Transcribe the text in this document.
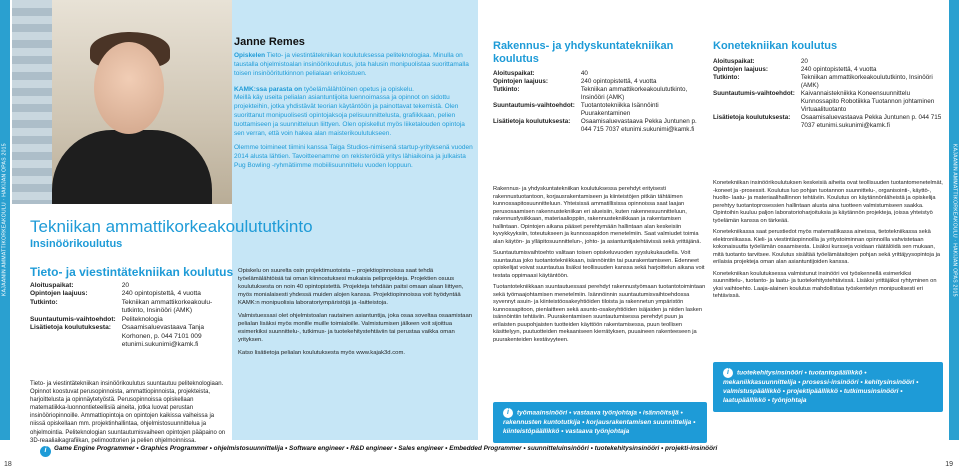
KAJAANIN AMMATTIKORKEAKOULU · HAKIJAN OPAS 2015	KAJAANIN AMMATTIKORKEAKOULU · HAKIJAN OPAS 2015
Tekniikan ammattikorkeakoulututkinto
Insinöörikoulutus
Tieto- ja viestintätekniikan koulutus
Aloituspaikat:	20
Opintojen laajuus:	240 opintopistettä, 4 vuotta
Tutkinto:	Tekniikan ammattikorkeakoulu-tutkinto, Insinööri (AMK)
Suuntautumis-vaihtoehdot: Peliteknologia
Lisätietoja koulutuksesta:	Osaamisaluevastaava Tanja Korhonen, p. 044 7101 009 etunimi.sukunimi@kamk.fi

Tieto- ja viestintätekniikan insinöörikoulutus suuntautuu peliteknologiaan. Opinnot koostuvat perusopinnoista, ammattiopinnoista, projekteista, harjoittelusta ja opinnäytetyöstä. Perusopinnoissa opiskellaan matematiikka-luonnontieteellisiä aineita, jotka luovat perustan insinööriopinnoille. Ammattiopintoja on opintojen kaikissa vaiheissa ja niissä opiskellaan mm. projektinhallintaa, ohjelmistosuunnittelua ja ohjelmointia. Peliteknologian suuntautumisvaiheen opintojen pääpaino on 3D-reaaliaikagrafiikan, pelimoottorien ja pelien ohjelmoinnissa.

Janne Remes

Opiskelen Tieto- ja viestintätekniikan koulutuksessa peliteknologiaa. Minulla on taustalla ohjelmistoalan insinöörikoulutus, jota halusin monipuolistaa suorittamalla toisen insinööritutkinnon pelialaan erikoistuen.

KAMK:ssa parasta on työelämälähtöinen opetus ja opiskelu.

Meillä käy useita pelialan asiantuntijoita luennoimassa ja opinnot on sidottu projekteihin, jotka yhdistävät teorian käytäntöön ja painottavat tekemistä. Olen suorittanut monipuolisesti opintojaksoja pelisuunnittelusta, grafiikkaan, pelien tuottamiseen ja suunnitteluun liittyen. Olen opiskellut myös liiketalouden opintoja sen verran, että voin hakea alan maisterikoulutukseen.

Olemme toimineet tiimini kanssa Taiga Studios-nimisenä startup-yrityksenä vuoden 2014 alusta lähtien. Tavoitteenamme on rekisteröidä yritys lähiaikoina ja julkaista Pug Bowling -ryhmätiimme mobiilisuunnittelu vuoden loppuun.

Opiskelu on suurelta osin projektimuotoista – projektiopinnoissa saat tehdä työelämälähtöisiä tai oman kiinnostuksesi mukaisia peliprojekteja. Projektien osuus koulutuksesta on noin 40 opintopistettä. Projekteja tehdään paitsi omaan alaan liittyen, myös monialaisesti yhdessä muiden alojen kanssa. Projektiopinnoissa voit hyödyntää KAMK:n monipuolisia laboratoriympäristöjä ja -laitteistoja.

Valmistuessasi olet ohjelmistoalan rautainen asiantuntija, joka osaa soveltaa osaamistaan pelialan lisäksi myös monille muille toimialoille. Valmistumisen jälkeen voit sijoittua esimerkiksi suunnittelu-, tutkimus- ja tuotekehitystehtäviin tai perustaa vaikka oman yrityksen.

Katso lisätietoja pelialan koulutuksesta myös www.kajak3d.com.

Rakennus- ja yhdyskuntatekniikan koulutus
Aloituspaikat:	40
Opintojen laajuus:	240 opintopistettä, 4 vuotta
Tutkinto:	Tekniikan ammattikorkeakoulututkinto, Insinööri (AMK)
Suuntautumis-vaihtoehdot: Tuotantotekniikka Isännöinti Puurakentaminen
Lisätietoja koulutuksesta:	Osaamisaluevastaava Pekka Juntunen p. 044 715 7037 etunimi.sukunimi@kamk.fi

Rakennus- ja yhdyskuntatekniikan koulutuksessa perehdyt erityisesti rakennustuotantoon, korjausrakentamiseen ja kiinteistöjen pitkän tähtäimen kunnossapitosuunnitteluun. Yhteisissä ammatillisissa opinnoissa saat laajan perusosaamisen rakennustekniikan eri alueisiin, kuten rakennesuunnitteluun, rakennusfysiikkaan, materiaalioppiin, rakennustekniikkaan ja rakentamisen hallintaan. Opintojen aikana pääset perehtymään hallintaan alan keskeisiin kyvykkyyksiin, toteutukseen ja kunnossapidon menetelmiin. Saat valmiudet toimia alan käytön- ja ylläpitosuunnittelun-, johto- ja asiantuntijatehtävissä sekä yrittäjänä.

Suuntautumisvaihtoehto valitaan toisen opiskeluvuoden syyslukukaudella. Voit suuntautua joko tuotantotekniikkaan, isännöintiin tai puurakentamiseen. Edenneet opiskelijat voivat suuntautua lisäksi teollisuuden kanssa sekä harjoittelun aikana voit testata oppimaasi käytäntöön.

Tuotantotekniikkaan suuntautuessasi perehdyt rakennustyömaan tuotantotoimintaan sekä työmaajohtamisen menetelmiin. Isännöinnin suuntautumisvaihtoehdossa syvennyt asuin- ja kiinteistöosakeyhtiöiden tiloista ja rakennetun ympäristön kunnossapitoon, pienlaitteen sekä asunto-osakeyhtiöiden isäjaiden ja niiden lasken isännöintiin tehtäviin. Puurakentamisen suuntautumisessa perehdyt puun ja erilaisten puupohjaisten tuotteiden käyttöön rakentamisessa, puun teollisen käsittelyyn, puutuotteiden mekaaniseen kierrätyksen, puuaineen rakenteeseen ja puurakenteiden kestävyyteen.

i työmaainsinööri • vastaava työnjohtaja • isännöitsijä • rakennusten kuntotutkija • korjausrakentamisen suunnittelija • kiinteistöpäällikkö • vastaava työnjohtaja
Konetekniikan koulutus
Aloituspaikat:	20
Opintojen laajuus:	240 opintopistettä, 4 vuotta
Tutkinto:	Tekniikan ammattikorkeakoulututkinto, Insinööri (AMK)
Suuntautumis-vaihtoehdot: Kaivannaistekniikka Koneensuunnittelu Kunnossapito Robotiikka Tuotannon johtaminen Virtuaalituotanto
Lisätietoja koulutuksesta:	Osaamisaluevastaava Pekka Juntunen p. 044 715 7037 etunimi.sukunimi@kamk.fi

Konetekniikan insinöörikoulutuksen keskeisiä aiheita ovat teollisuuden tuotantomenetelmät, -koneet ja -prosessit. Koulutus luo pohjan tuotannon suunnittelu-, organisointi-, käyttö-, huolto- laatu- ja materiaalihallinnon tehtäviin. Koulutus on käytännönläheistä ja opiskelija perehtyy tuotantoprosessien hallintaan alusta aina tuotteen valmistumiseen saakka. Opintoihin kuuluu paljon laboratorioharjoituksia ja käytännön projekteja, joissa yhteistyö työelämän kanssa on tärkeää.

Konetekniikassa saat perustiedot myös matematiikassa aineissa, tietotekniikassa sekä elektroniikassa. Kieli- ja viestintäopinnoilla ja yritystoiminnan opinnoilla vahvistetaan kokonaisuutta työelämän osaamisesta. Lisäksi kursseja voidaan räätälöidä sen mukaan, mitä tuotanto tarvitsee. Koulutus sisältää työelämätaitojen pohjan sekä yrittäjyysopintoja ja erilaisia projekteja oman alan asiantuntijoiden kanssa.

Konetekniikan koulutuksessa valmistunut insinööri voi työskennellä esimerkiksi suunnittelu-, tuotanto- ja laatu- ja tuotekehitystehtävissä. Lisäksi yrittäjäksi ryhtyminen on yksi vaihtoehto. Laaja-alainen koulutus mahdollistaa työskentelyn monipuolisesti eri tehtävissä.

i tuotekehitysinsinööri • tuotantopäällikkö • mekaniikkasuunnittelija • prosessi-insinööri • kehitysinsinööri • valmistuspäällikkö • projektipäällikkö • tutkimusinsinööri • laatupäällikkö • työnjohtaja
i	Game Engine Programmer • Graphics Programmer • ohjelmistosuunnittelija • Software engineer • R&D engineer • Sales engineer • Embedded Programmer • suunnitteluinsinööri • tuotekehitysinsinööri • projekti-insinööri
18	19
